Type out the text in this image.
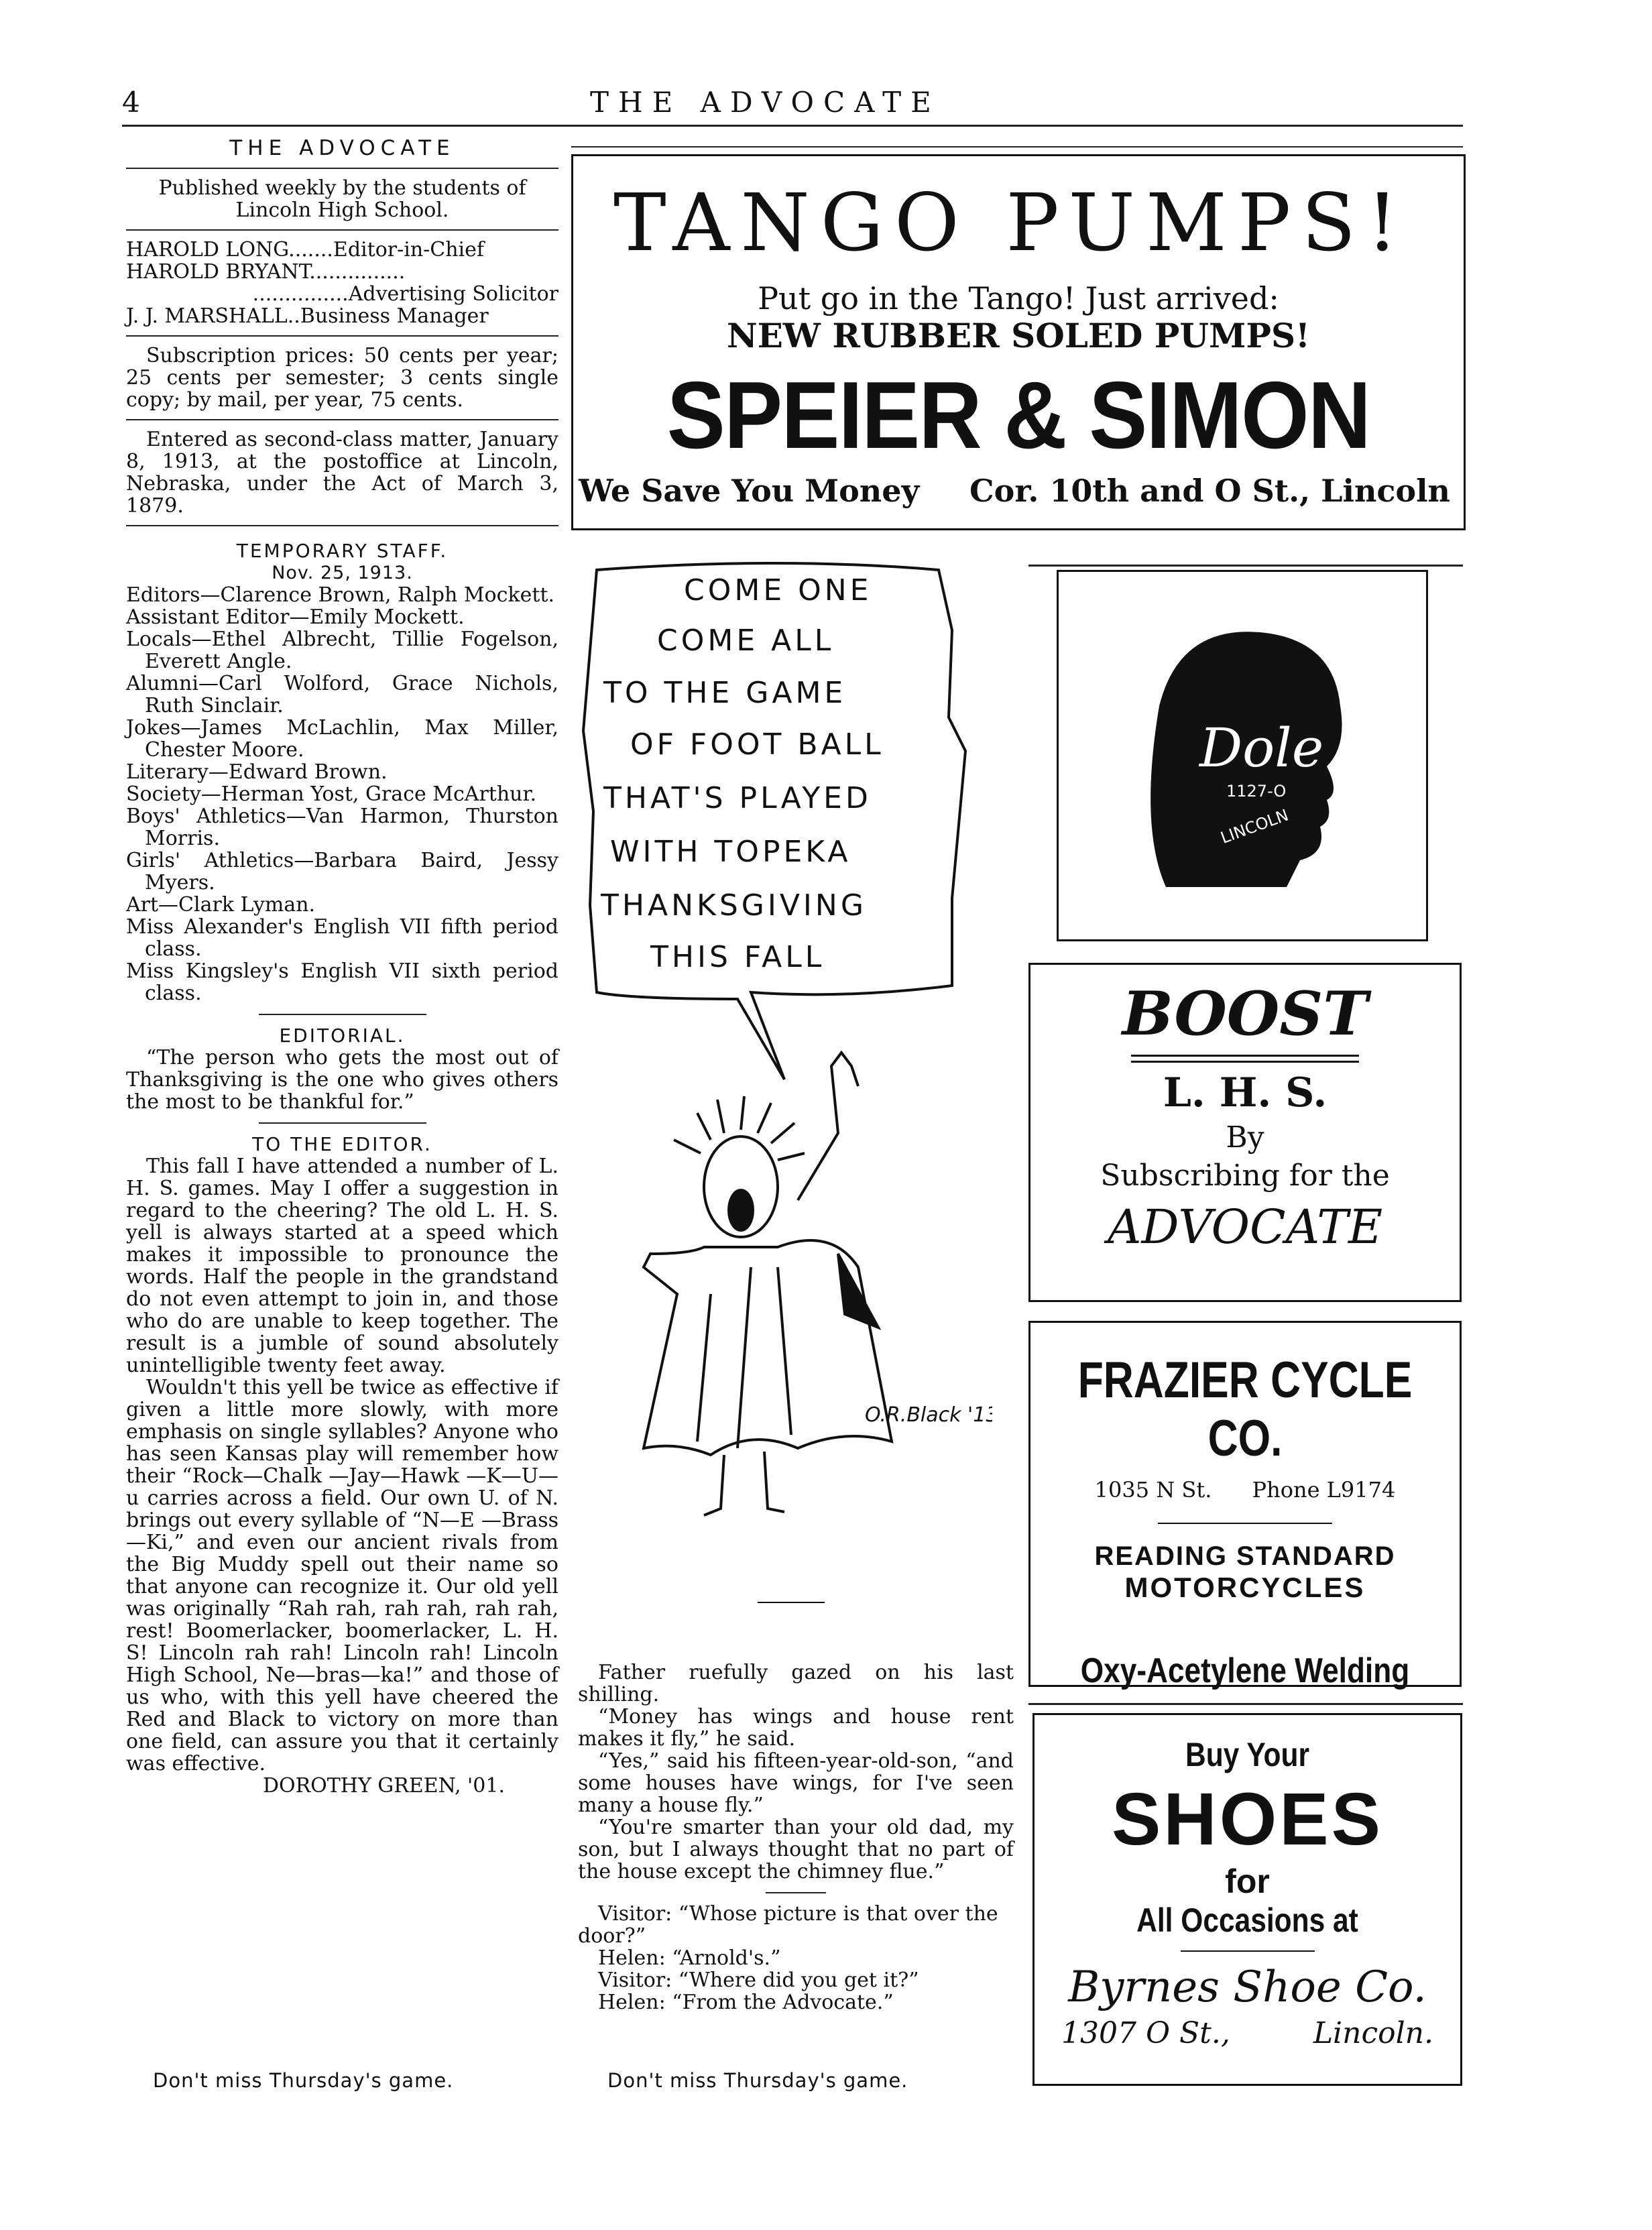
4	THE ADVOCATE
THE ADVOCATE

Published weekly by the students of Lincoln High School.

HAROLD LONG.......Editor-in-Chief

HAROLD BRYANT...............

...............Advertising Solicitor

J. J. MARSHALL..Business Manager

Subscription prices: 50 cents per year; 25 cents per semester; 3 cents single copy; by mail, per year, 75 cents.

Entered as second-class matter, January 8, 1913, at the postoffice at Lincoln, Nebraska, under the Act of March 3, 1879.

TEMPORARY STAFF.
Nov. 25, 1913.

Editors—Clarence Brown, Ralph Mockett.

Assistant Editor—Emily Mockett.

Locals—Ethel Albrecht, Tillie Fogelson, Everett Angle.

Alumni—Carl Wolford, Grace Nichols, Ruth Sinclair.

Jokes—James McLachlin, Max Miller, Chester Moore.

Literary—Edward Brown.

Society—Herman Yost, Grace McArthur.

Boys' Athletics—Van Harmon, Thurston Morris.

Girls' Athletics—Barbara Baird, Jessy Myers.

Art—Clark Lyman.

Miss Alexander's English VII fifth period class.

Miss Kingsley's English VII sixth period class.

EDITORIAL.

“The person who gets the most out of Thanksgiving is the one who gives others the most to be thankful for.”

TO THE EDITOR.

This fall I have attended a number of L. H. S. games. May I offer a suggestion in regard to the cheering? The old L. H. S. yell is always started at a speed which makes it impossible to pronounce the words. Half the people in the grandstand do not even attempt to join in, and those who do are unable to keep together. The result is a jumble of sound absolutely unintelligible twenty feet away.

Wouldn't this yell be twice as effective if given a little more slowly, with more emphasis on single syllables? Anyone who has seen Kansas play will remember how their “Rock—Chalk —Jay—Hawk —K—U—u carries across a field. Our own U. of N. brings out every syllable of “N—E —Brass—Ki,” and even our ancient rivals from the Big Muddy spell out their name so that anyone can recognize it. Our old yell was originally “Rah rah, rah rah, rah rah, rest! Boomerlacker, boomerlacker, L. H. S! Lincoln rah rah! Lincoln rah! Lincoln High School, Ne—bras—ka!” and those of us who, with this yell have cheered the Red and Black to victory on more than one field, can assure you that it certainly was effective.

DOROTHY GREEN, '01.

Don't miss Thursday's game.
TANGO PUMPS!
Put go in the Tango! Just arrived:
NEW RUBBER SOLED PUMPS!
SPEIER & SIMON
We Save You Money Cor. 10th and O St., Lincoln
COME ONE
COME ALL
TO THE GAME
OF FOOT BALL
THAT'S PLAYED
WITH TOPEKA
THANKSGIVING
THIS FALL
O.R.Black '13
Dole
1127-O
LINCOLN
BOOST
L. H. S.
By
Subscribing for the
ADVOCATE
FRAZIER CYCLE CO.
1035 N St. Phone L9174
READING STANDARD
MOTORCYCLES
Oxy-Acetylene Welding
Buy Your
SHOES
for
All Occasions at
Byrnes Shoe Co.
1307 O St.,	Lincoln.

Father ruefully gazed on his last shilling.

“Money has wings and house rent makes it fly,” he said.

“Yes,” said his fifteen-year-old-son, “and some houses have wings, for I've seen many a house fly.”

“You're smarter than your old dad, my son, but I always thought that no part of the house except the chimney flue.”

Visitor: “Whose picture is that over the door?”

Helen: “Arnold's.”

Visitor: “Where did you get it?”

Helen: “From the Advocate.”

Don't miss Thursday's game.
